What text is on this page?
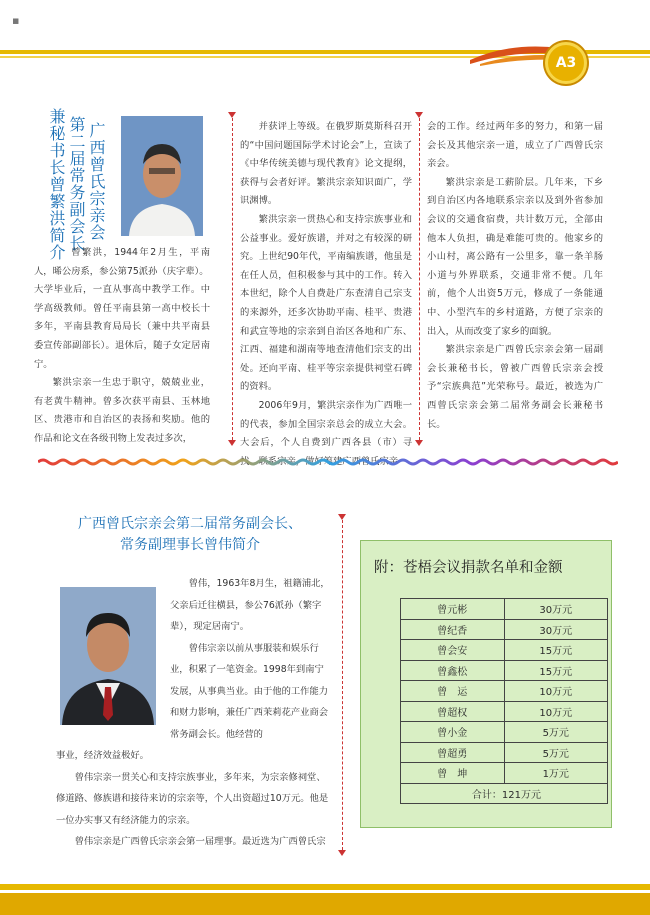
▪
A3
广西曾氏宗亲会
第二届常务副会长
兼秘书长曾繁洪简介 曾繁洪，1944年2月生，平南人，晞公房系，参公第75派孙（庆字辈）。

大学毕业后，一直从事高中教学工作。中学高级教师。曾任平南县第一高中校长十多年，平南县教育局局长（兼中共平南县委宣传部副部长）。退休后，随子女定居南宁。

繁洪宗亲一生忠于职守，兢兢业业，有老黄牛精神。曾多次获平南县、玉林地区、贵港市和自治区的表扬和奖励。他的作品和论文在各级刊物上发表过多次，

并获评上等级。在俄罗斯莫斯科召开的“中国问题国际学术讨论会”上，宣读了《中华传统美德与现代教育》论文提纲，获得与会者好评。繁洪宗亲知识面广，学识渊博。

繁洪宗亲一贯热心和支持宗族事业和公益事业。爱好族谱，并对之有较深的研究。上世纪90年代，平南编族谱，他虽是在任人员，但积极参与其中的工作。转入本世纪，除个人自费赴广东查清自己宗支的来源外，还多次协助平南、桂平、贵港和武宣等地的宗亲到自治区各地和广东、江西、福建和湖南等地查清他们宗支的出处。还向平南、桂平等宗亲提供祠堂石碑的资料。

2006年9月，繁洪宗亲作为广西唯一的代表，参加全国宗亲总会的成立大会。大会后，个人自费到广西各县（市）寻找、联系宗亲，做好筹建广西曾氏宗亲

会的工作。经过两年多的努力，和第一届会长及其他宗亲一道，成立了广西曾氏宗亲会。

繁洪宗亲是工薪阶层。几年来，下乡到自治区内各地联系宗亲以及到外省参加会议的交通食宿费，共计数万元，全部由他本人负担，确是难能可贵的。他家乡的小山村，离公路有一公里多，靠一条羊肠小道与外界联系，交通非常不便。几年前，他个人出资5万元，修成了一条能通中、小型汽车的乡村道路，方便了宗亲的出入，从而改变了家乡的面貌。

繁洪宗亲是广西曾氏宗亲会第一届副会长兼秘书长，曾被广西曾氏宗亲会授予“宗族典范”光荣称号。最近，被选为广西曾氏宗亲会第二届常务副会长兼秘书长。

广西曾氏宗亲会第二届常务副会长、
常务副理事长曾伟简介

曾伟，1963年8月生，祖籍浦北，父亲后迁往横县，参公76派孙（繁字辈），现定居南宁。

曾伟宗亲以前从事服装和娱乐行业，积累了一笔资金。1998年到南宁发展，从事典当业。由于他的工作能力和财力影响，兼任广西茉莉花产业商会常务副会长。他经营的

事业，经济效益极好。

曾伟宗亲一贯关心和支持宗族事业，多年来，为宗亲修祠堂、修道路、修族谱和接待来访的宗亲等，个人出资超过10万元。他是一位办实事又有经济能力的宗亲。

曾伟宗亲是广西曾氏宗亲会第一届理事。最近选为广西曾氏宗

附：苍梧会议捐款名单和金额
曾元彬	30万元
曾纪香	30万元
曾会安	15万元
曾鑫松	15万元
曾　运	10万元
曾超权	10万元
曾小金	5万元
曾超勇	5万元
曾　坤	1万元
合计：121万元	
